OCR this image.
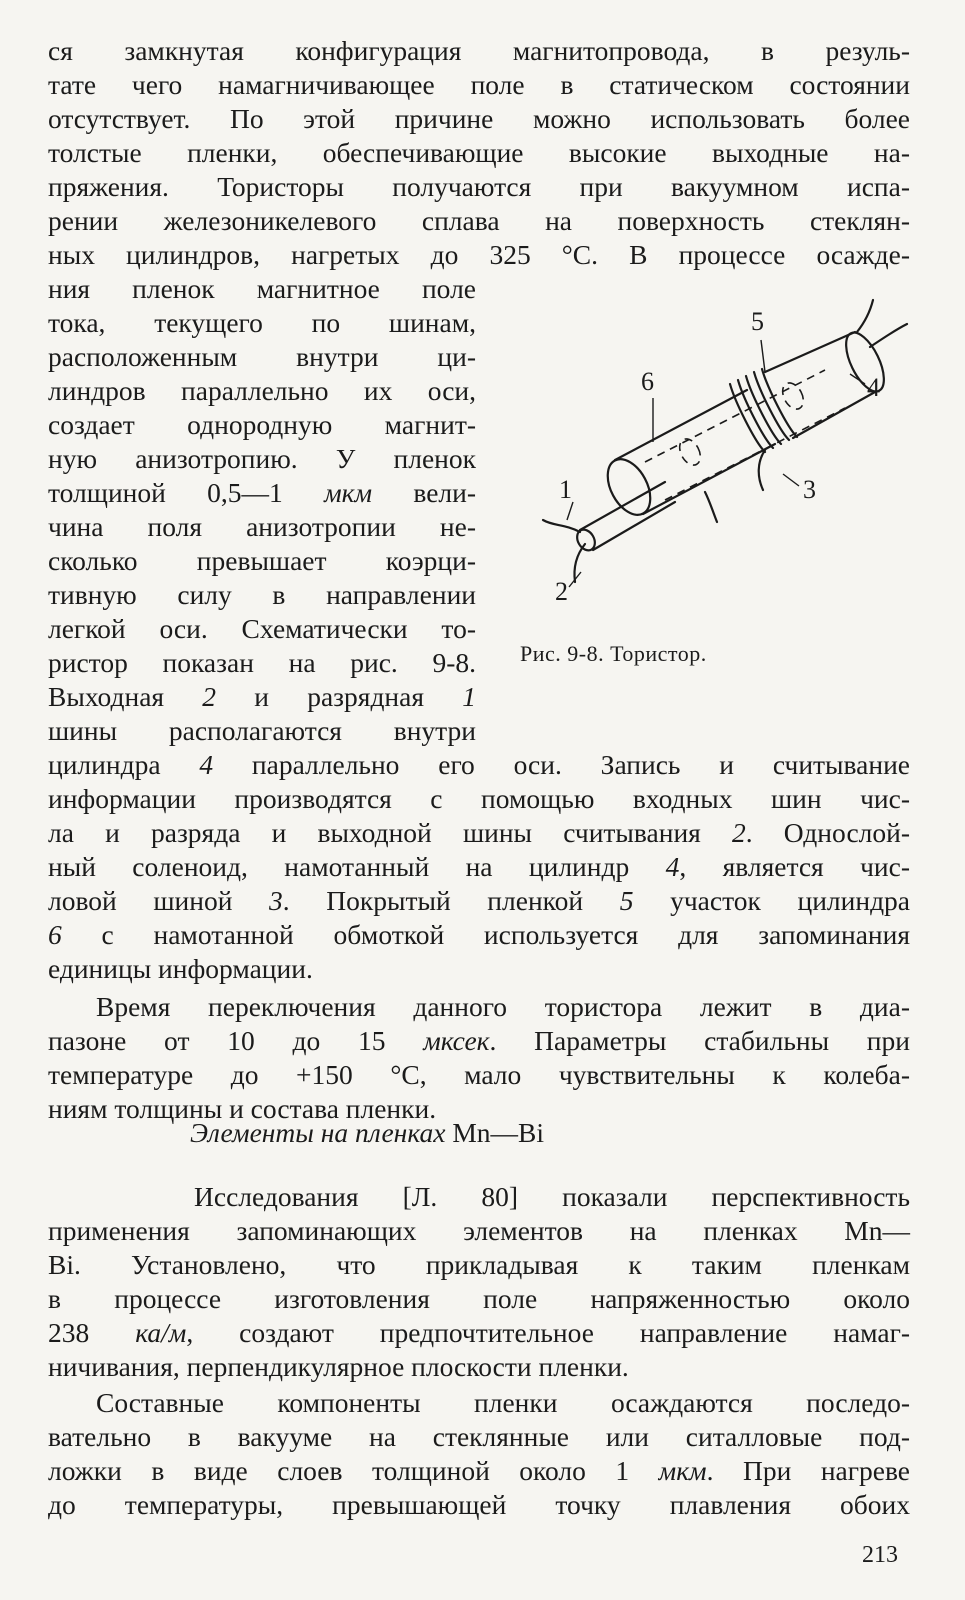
ся замкнутая конфигурация магнитопровода, в резуль-

тате чего намагничивающее поле в статическом состоянии

отсутствует. По этой причине можно использовать более

толстые пленки, обеспечивающие высокие выходные на-

пряжения. Тористоры получаются при вакуумном испа-

рении железоникелевого сплава на поверхность стеклян-

ных цилиндров, нагретых до 325 °С. В процессе осажде-

ния пленок магнитное поле

тока, текущего по шинам,

расположенным внутри ци-

линдров параллельно их оси,

создает однородную магнит-

ную анизотропию. У пленок

толщиной 0,5—1 мкм вели-

чина поля анизотропии не-

сколько превышает коэрци-

тивную силу в направлении

легкой оси. Схематически то-

ристор показан на рис. 9-8.

Выходная 2 и разрядная 1

шины располагаются внутри

цилиндра 4 параллельно его оси. Запись и считывание

информации производятся с помощью входных шин чис-

ла и разряда и выходной шины считывания 2. Однослой-

ный соленоид, намотанный на цилиндр 4, является чис-

ловой шиной 3. Покрытый пленкой 5 участок цилиндра

6 с намотанной обмоткой используется для запоминания

единицы информации.

Время переключения данного тористора лежит в диа-

пазоне от 10 до 15 мксек. Параметры стабильны при

температуре до +150 °С, мало чувствительны к колеба-

ниям толщины и состава пленки.

Элементы на пленках Mn—Bi

Исследования [Л. 80] показали перспективность

применения запоминающих элементов на пленках Mn—

Bi. Установлено, что прикладывая к таким пленкам

в процессе изготовления поле напряженностью около

238 ка/м, создают предпочтительное направление намаг-

ничивания, перпендикулярное плоскости пленки.

Составные компоненты пленки осаждаются последо-

вательно в вакууме на стеклянные или ситалловые под-

ложки в виде слоев толщиной около 1 мкм. При нагреве

до температуры, превышающей точку плавления обоих

1
2
3
4
5
6
Рис. 9-8. Тористор.
213
